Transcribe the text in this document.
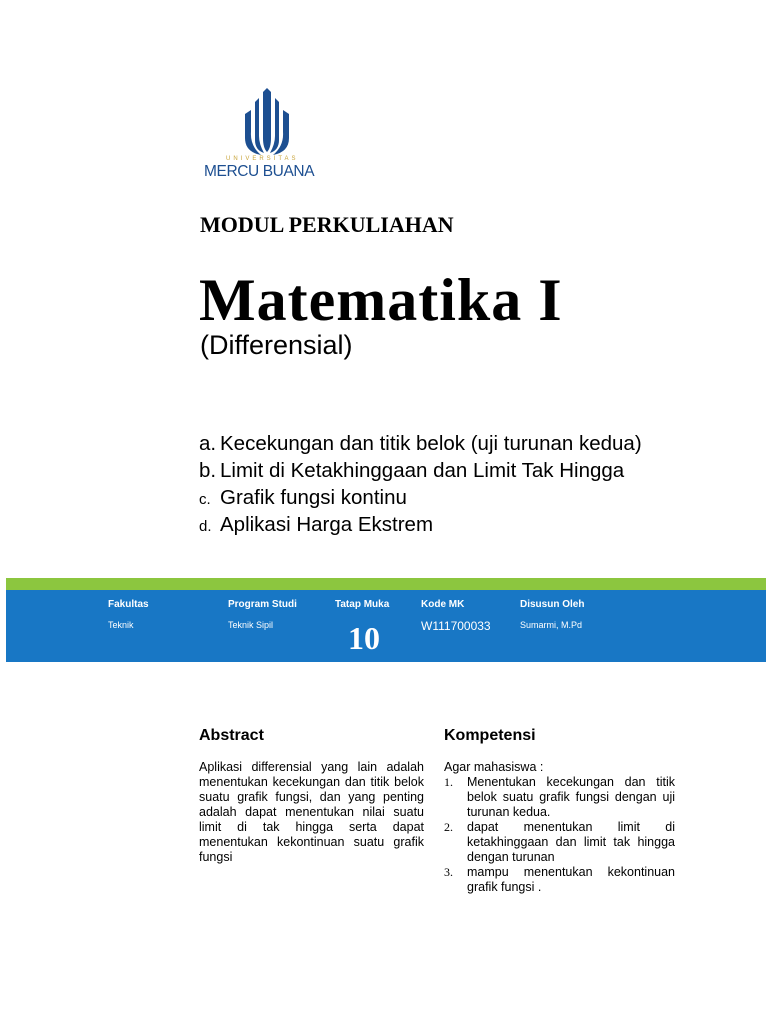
UNIVERSITAS
MERCU BUANA
MODUL PERKULIAHAN
Matematika I
(Differensial)
a. Kecekungan dan titik belok (uji turunan kedua)
b. Limit di Ketakhinggaan dan Limit Tak Hingga
c. Grafik fungsi kontinu
d. Aplikasi Harga Ekstrem
Fakultas
Teknik
Program Studi
Teknik Sipil
Tatap Muka
10
Kode MK
W111700033
Disusun Oleh
Sumarmi, M.Pd
Abstract
Aplikasi differensial yang lain adalah menentukan kecekungan dan titik belok suatu grafik fungsi, dan yang penting adalah dapat menentukan nilai suatu limit di tak hingga serta dapat menentukan kekontinuan suatu grafik fungsi
Kompetensi
Agar mahasiswa :
1. Menentukan kecekungan dan titik belok suatu grafik fungsi dengan uji turunan kedua.
2. dapat menentukan limit di ketakhinggaan dan limit tak hingga dengan turunan
3. mampu menentukan kekontinuan grafik fungsi .
